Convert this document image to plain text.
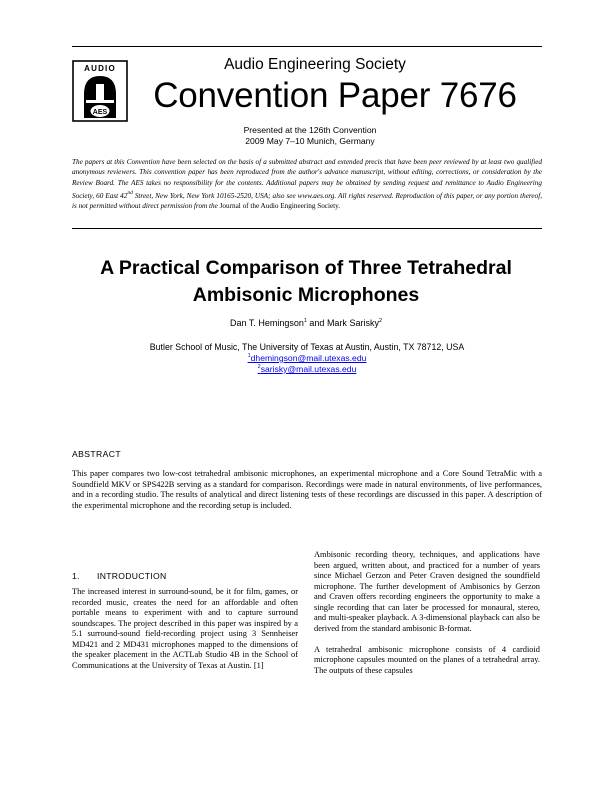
AUDIO
AES
Audio Engineering Society
Convention Paper 7676
Presented at the 126th Convention
2009 May 7–10 Munich, Germany
The papers at this Convention have been selected on the basis of a submitted abstract and extended precis that have been peer reviewed by at least two qualified anonymous reviewers. This convention paper has been reproduced from the author's advance manuscript, without editing, corrections, or consideration by the Review Board. The AES takes no responsibility for the contents. Additional papers may be obtained by sending request and remittance to Audio Engineering Society, 60 East 42nd Street, New York, New York 10165-2520, USA; also see www.aes.org. All rights reserved. Reproduction of this paper, or any portion thereof, is not permitted without direct permission from the Journal of the Audio Engineering Society.
A Practical Comparison of Three Tetrahedral
Ambisonic Microphones
Dan T. Hemingson$^1$ and Mark Sarisky$^2$
Butler School of Music, The University of Texas at Austin, Austin, TX 78712, USA
$^1$dhemingson@mail.utexas.edu
$^2$sarisky@mail.utexas.edu
ABSTRACT
This paper compares two low-cost tetrahedral ambisonic microphones, an experimental microphone and a Core Sound TetraMic with a Soundfield MKV or SPS422B serving as a standard for comparison. Recordings were made in natural environments, of live performances, and in a recording studio. The results of analytical and direct listening tests of these recordings are discussed in this paper. A description of the experimental microphone and the recording setup is included.
1. INTRODUCTION

The increased interest in surround-sound, be it for film, games, or recorded music, creates the need for an affordable and often portable means to experiment with and to capture surround soundscapes. The project described in this paper was inspired by a 5.1 surround-sound field-recording project using 3 Sennheiser MD421 and 2 MD431 microphones mapped to the dimensions of the speaker placement in the ACTLab Studio 4B in the School of Communications at the University of Texas at Austin. [1]

Ambisonic recording theory, techniques, and applications have been argued, written about, and practiced for a number of years since Michael Gerzon and Peter Craven designed the soundfield microphone. The further development of Ambisonics by Gerzon and Craven offers recording engineers the opportunity to make a single recording that can later be processed for monaural, stereo, and multi-speaker playback. A 3-dimensional playback can also be derived from the standard ambisonic B-format.

A tetrahedral ambisonic microphone consists of 4 cardioid microphone capsules mounted on the planes of a tetrahedral array. The outputs of these capsules
